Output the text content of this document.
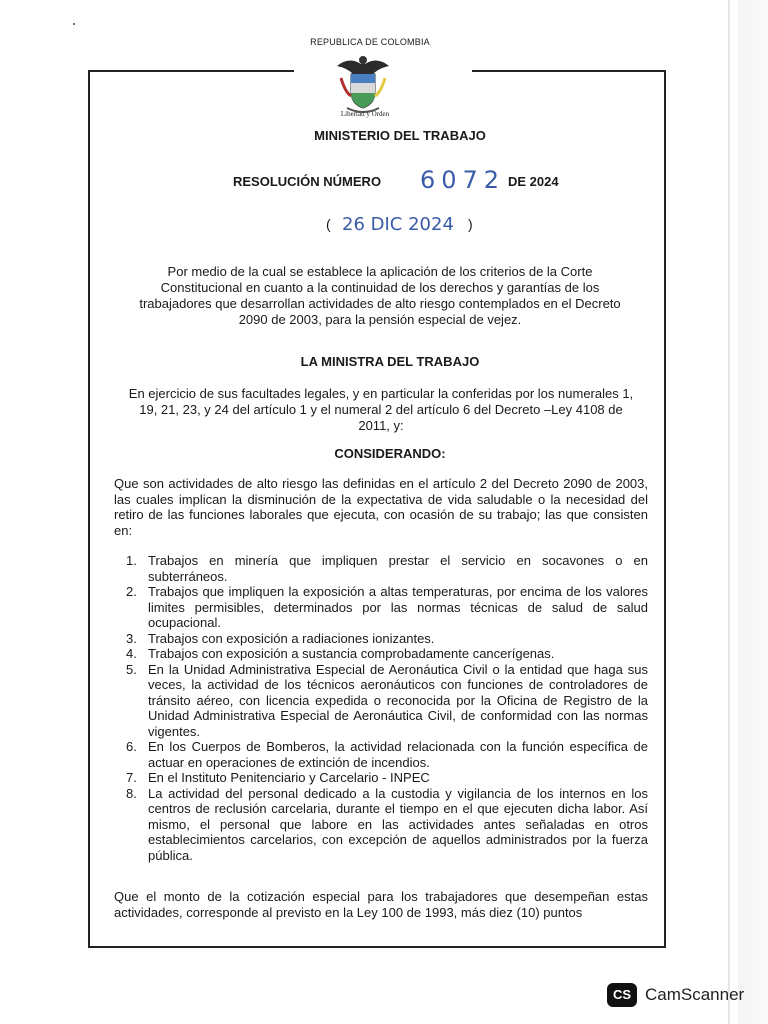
REPUBLICA DE COLOMBIA
Libertad y Orden
MINISTERIO DEL TRABAJO
RESOLUCIÓN NÚMERO 6072 DE 2024
( 26 DIC 2024 )
Por medio de la cual se establece la aplicación de los criterios de la Corte Constitucional en cuanto a la continuidad de los derechos y garantías de los trabajadores que desarrollan actividades de alto riesgo contemplados en el Decreto 2090 de 2003, para la pensión especial de vejez.
LA MINISTRA DEL TRABAJO
En ejercicio de sus facultades legales, y en particular la conferidas por los numerales 1, 19, 21, 23, y 24 del artículo 1 y el numeral 2 del artículo 6 del Decreto –Ley 4108 de 2011, y:
CONSIDERANDO:
Que son actividades de alto riesgo las definidas en el artículo 2 del Decreto 2090 de 2003, las cuales implican la disminución de la expectativa de vida saludable o la necesidad del retiro de las funciones laborales que ejecuta, con ocasión de su trabajo; las que consisten en:
1. Trabajos en minería que impliquen prestar el servicio en socavones o en subterráneos.
2. Trabajos que impliquen la exposición a altas temperaturas, por encima de los valores limites permisibles, determinados por las normas técnicas de salud de salud ocupacional.
3. Trabajos con exposición a radiaciones ionizantes.
4. Trabajos con exposición a sustancia comprobadamente cancerígenas.
5. En la Unidad Administrativa Especial de Aeronáutica Civil o la entidad que haga sus veces, la actividad de los técnicos aeronáuticos con funciones de controladores de tránsito aéreo, con licencia expedida o reconocida por la Oficina de Registro de la Unidad Administrativa Especial de Aeronáutica Civil, de conformidad con las normas vigentes.
6. En los Cuerpos de Bomberos, la actividad relacionada con la función específica de actuar en operaciones de extinción de incendios.
7. En el Instituto Penitenciario y Carcelario - INPEC
8. La actividad del personal dedicado a la custodia y vigilancia de los internos en los centros de reclusión carcelaria, durante el tiempo en el que ejecuten dicha labor. Así mismo, el personal que labore en las actividades antes señaladas en otros establecimientos carcelarios, con excepción de aquellos administrados por la fuerza pública.
Que el monto de la cotización especial para los trabajadores que desempeñan estas actividades, corresponde al previsto en la Ley 100 de 1993, más diez (10) puntos
CS CamScanner
